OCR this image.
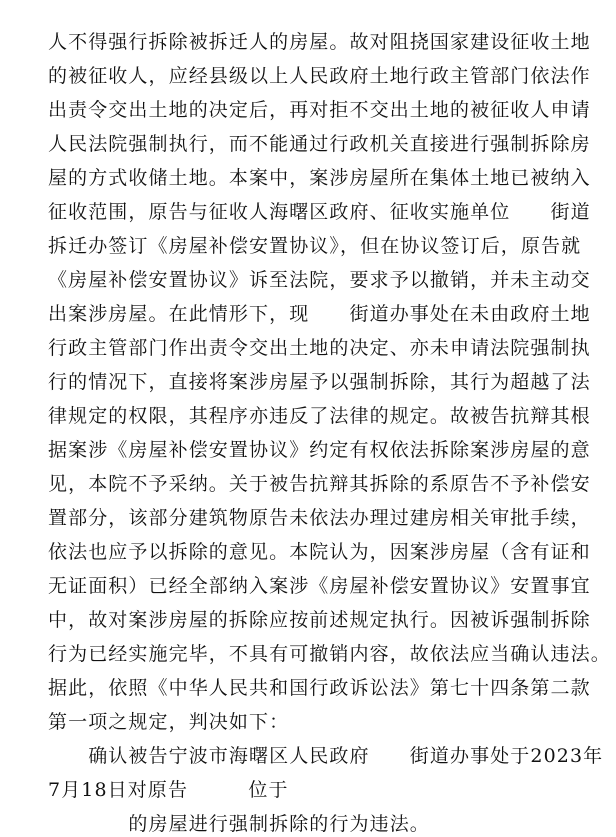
人不得强行拆除被拆迁人的房屋。故对阻挠国家建设征收土地
的被征收人，应经县级以上人民政府土地行政主管部门依法作
出责令交出土地的决定后，再对拒不交出土地的被征收人申请
人民法院强制执行，而不能通过行政机关直接进行强制拆除房
屋的方式收储土地。本案中，案涉房屋所在集体土地已被纳入
征收范围，原告与征收人海曙区政府、征收实施单位　　街道
拆迁办签订《房屋补偿安置协议》，但在协议签订后，原告就
《房屋补偿安置协议》诉至法院，要求予以撤销，并未主动交
出案涉房屋。在此情形下，现　　街道办事处在未由政府土地
行政主管部门作出责令交出土地的决定、亦未申请法院强制执
行的情况下，直接将案涉房屋予以强制拆除，其行为超越了法
律规定的权限，其程序亦违反了法律的规定。故被告抗辩其根
据案涉《房屋补偿安置协议》约定有权依法拆除案涉房屋的意
见，本院不予采纳。关于被告抗辩其拆除的系原告不予补偿安
置部分，该部分建筑物原告未依法办理过建房相关审批手续，
依法也应予以拆除的意见。本院认为，因案涉房屋（含有证和
无证面积）已经全部纳入案涉《房屋补偿安置协议》安置事宜
中，故对案涉房屋的拆除应按前述规定执行。因被诉强制拆除
行为已经实施完毕，不具有可撤销内容，故依法应当确认违法。
据此，依照《中华人民共和国行政诉讼法》第七十四条第二款
第一项之规定，判决如下：
　　确认被告宁波市海曙区人民政府　　街道办事处于2023年
7月18日对原告　　　位于
　　　　的房屋进行强制拆除的行为违法。
